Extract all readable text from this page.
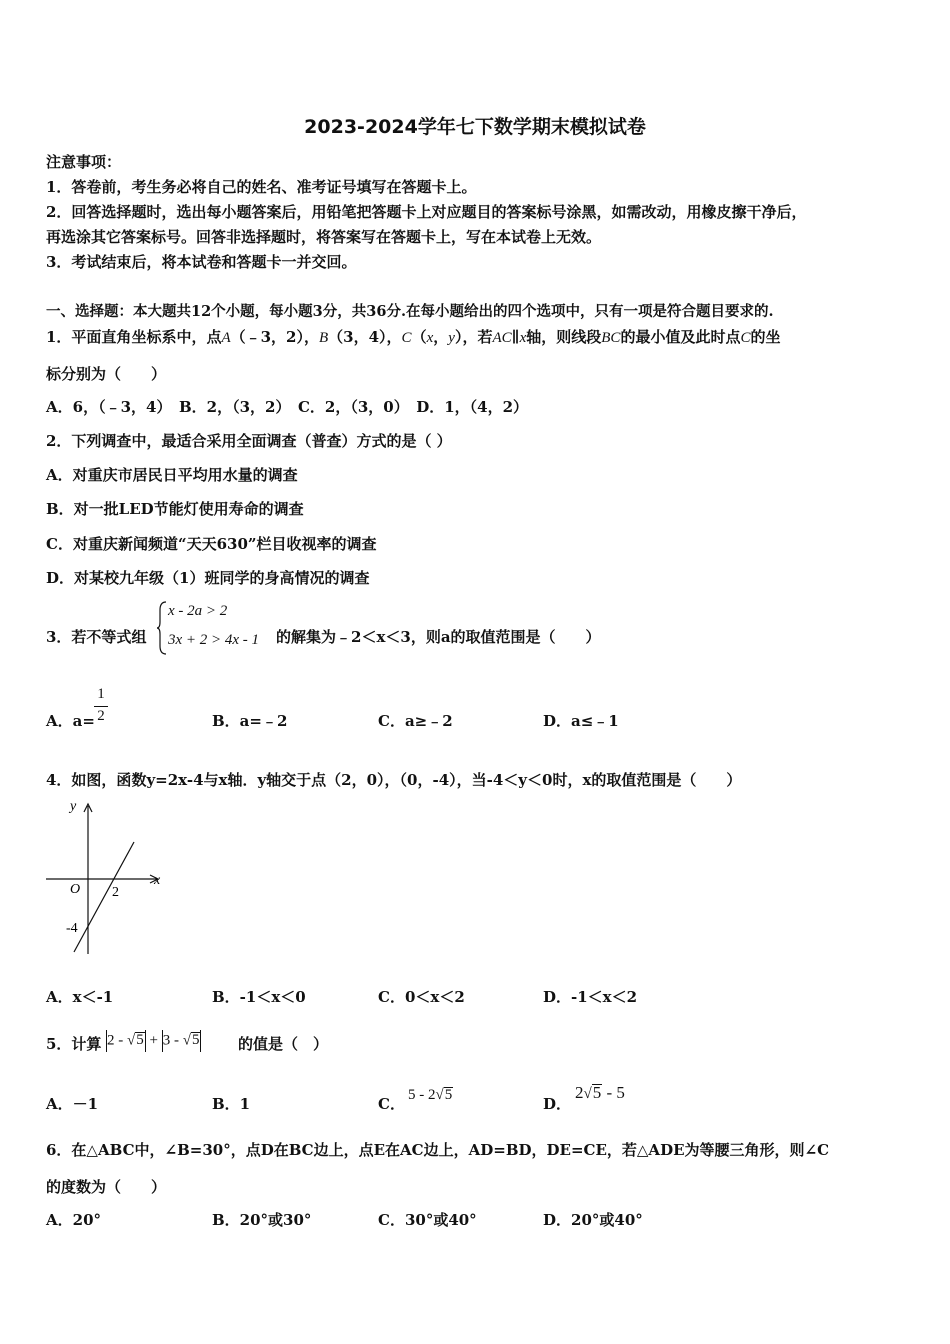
2023-2024学年七下数学期末模拟试卷
注意事项：
1．答卷前，考生务必将自己的姓名、准考证号填写在答题卡上。
2．回答选择题时，选出每小题答案后，用铅笔把答题卡上对应题目的答案标号涂黑，如需改动，用橡皮擦干净后，
再选涂其它答案标号。回答非选择题时，将答案写在答题卡上，写在本试卷上无效。
3．考试结束后，将本试卷和答题卡一并交回。
一、选择题：本大题共12个小题，每小题3分，共36分.在每小题给出的四个选项中，只有一项是符合题目要求的.
1．平面直角坐标系中，点A（﹣3，2），B（3，4），C（x，y），若AC∥x轴，则线段BC的最小值及此时点C的坐
标分别为（　　）
A．6，（﹣3，4）　B．2，（3，2）　C．2，（3，0）　D．1，（4，2）
2．下列调查中，最适合采用全面调查（普查）方式的是（ ）
A．对重庆市居民日平均用水量的调查
B．对一批LED节能灯使用寿命的调查
C．对重庆新闻频道“天天630”栏目收视率的调查
D．对某校九年级（1）班同学的身高情况的调查
3．若不等式组
x - 2a > 2
3x + 2 > 4x - 1 的解集为﹣2＜x＜3，则a的取值范围是（　　）
A．a=
1
2	B．a=﹣2	C．a≥﹣2	D．a≤﹣1
4．如图，函数y=2x-4与x轴．y轴交于点（2，0），（0，-4），当-4＜y＜0时，x的取值范围是（　　）
y
x
O 2
-4
A．x＜-1	B．-1＜x＜0	C．0＜x＜2	D．-1＜x＜2
5．计算 2 - √5 + 3 - √5	的值是（　）
A．－1	B．1	C． 5 - 2√5	D．
2√5 - 5
6．在△ABC中，∠B=30°，点D在BC边上，点E在AC边上，AD=BD，DE=CE，若△ADE为等腰三角形，则∠C
的度数为（　　）
A．20°	B．20°或30°	C．30°或40°	D．20°或40°
